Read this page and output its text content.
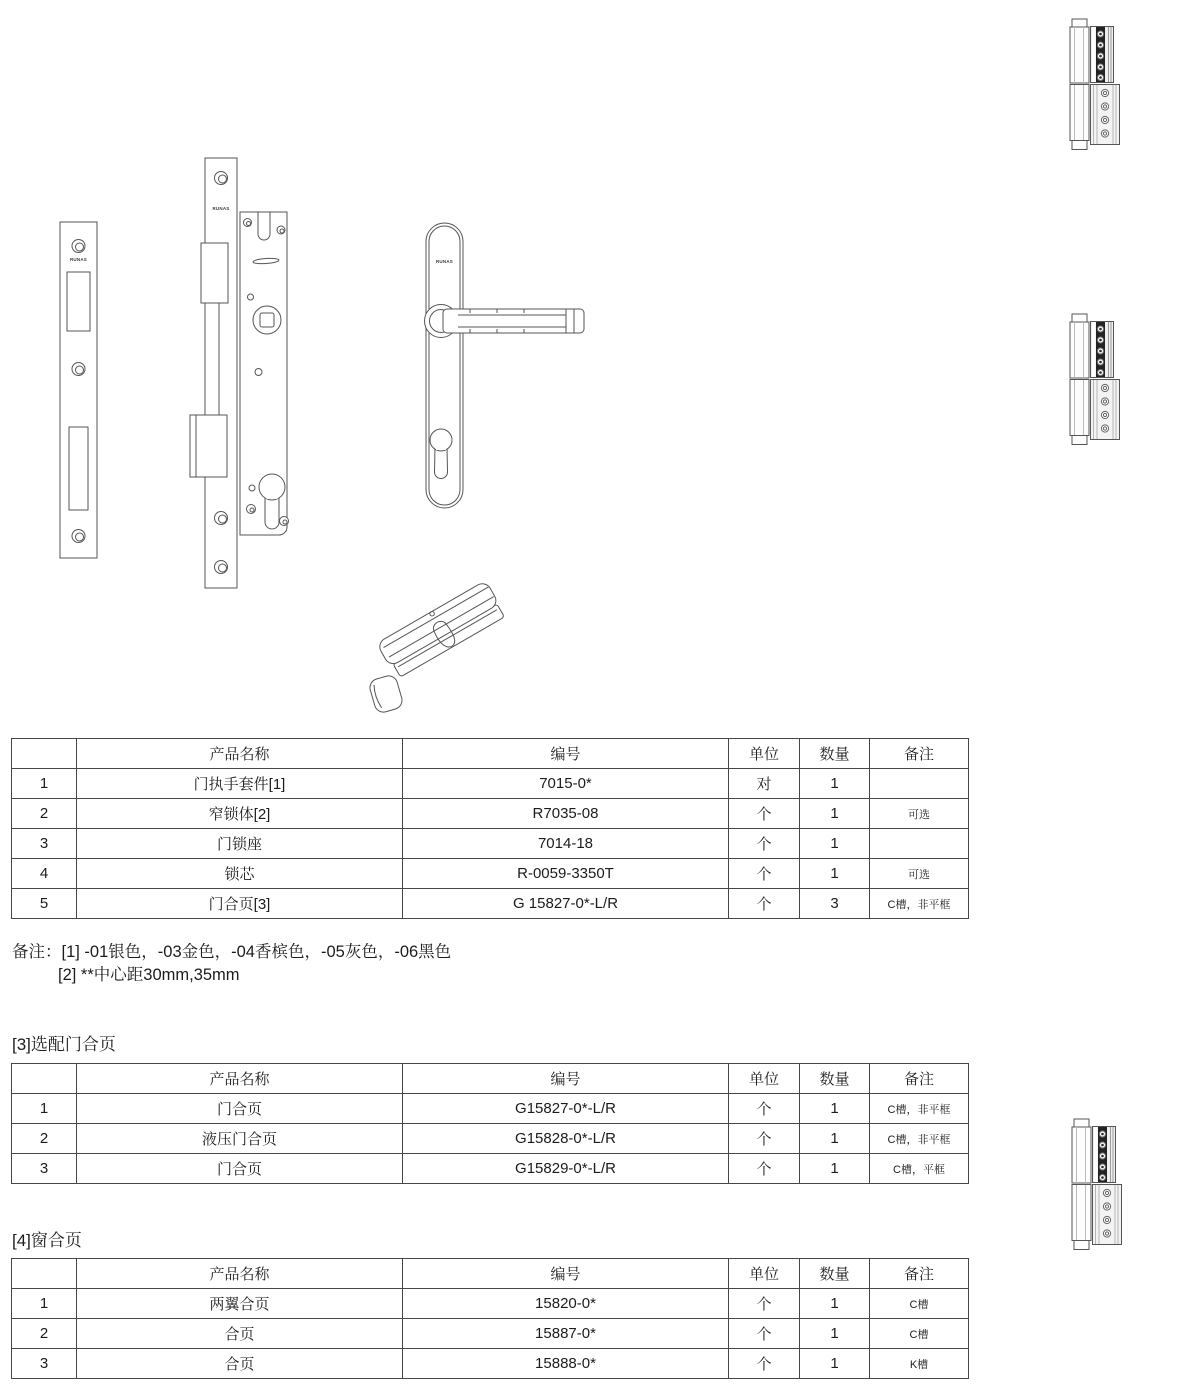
RUNAS
RUNAS
RUNAS
	产品名称	编号	单位	数量	备注
1	门执手套件[1]	7015-0*	对	1	
2	窄锁体[2]	R7035-08	个	1	可选
3	门锁座	7014-18	个	1	
4	锁芯	R-0059-3350T	个	1	可选
5	门合页[3]	G 15827-0*-L/R	个	3	C槽，非平框
备注：[1] -01银色，-03金色，-04香槟色，-05灰色，-06黑色
[2] **中心距30mm,35mm
[3]选配门合页
	产品名称	编号	单位	数量	备注
1	门合页	G15827-0*-L/R	个	1	C槽，非平框
2	液压门合页	G15828-0*-L/R	个	1	C槽，非平框
3	门合页	G15829-0*-L/R	个	1	C槽，平框
[4]窗合页
	产品名称	编号	单位	数量	备注
1	两翼合页	15820-0*	个	1	C槽
2	合页	15887-0*	个	1	C槽
3	合页	15888-0*	个	1	K槽
